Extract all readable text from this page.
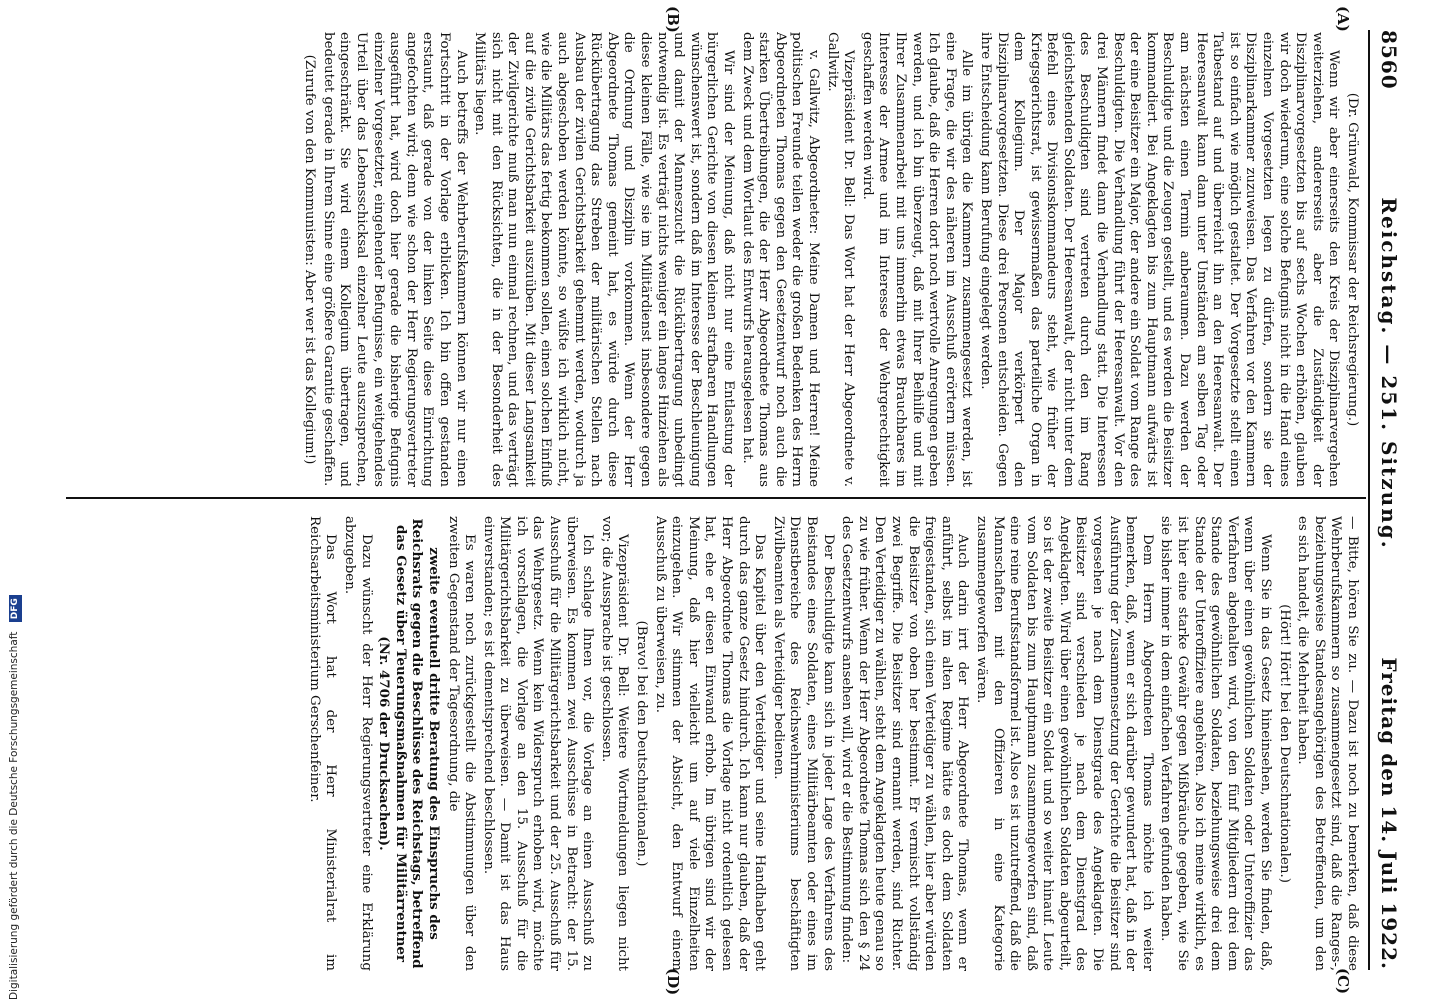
8560
Reichstag. — 251. Sitzung.
Freitag den 14. Juli 1922.
(A)
(B)
(C)
(D)

(Dr. Grünwald, Kommissar der Reichsregierung.)

Wenn wir aber einerseits den Kreis der Disziplinarvergehen weiterziehen, andererseits aber die Zuständigkeit der Disziplinarvorgesetzten bis auf sechs Wochen erhöhen, glauben wir doch wiederum, eine solche Befugnis nicht in die Hand eines einzelnen Vorgesetzten legen zu dürfen, sondern sie der Disziplinarkammer zuzuweisen. Das Verfahren vor den Kammern ist so einfach wie möglich gestaltet. Der Vorgesetzte stellt einen Tatbestand auf und überreicht ihn an den Heeresanwalt. Der Heeresanwalt kann dann unter Umständen am selben Tag oder am nächsten einen Termin anberaumen. Dazu werden der Beschuldigte und die Zeugen gestellt, und es werden die Beisitzer kommandiert. Bei Angeklagten bis zum Hauptmann aufwärts ist der eine Beisitzer ein Major, der andere ein Soldat vom Range des Beschuldigten. Die Verhandlung führt der Heeresanwalt. Vor den drei Männern findet dann die Verhandlung statt. Die Interessen des Beschuldigten sind vertreten durch den im Rang gleichstehenden Soldaten. Der Heeresanwalt, der nicht unter dem Befehl eines Divisionskommandeurs steht, wie früher der Kriegsgerichtsrat, ist gewissermaßen das parteiliche Organ in dem Kollegium. Der Major verkörpert den Disziplinarvorgesetzten. Diese drei Personen entscheiden. Gegen ihre Entscheidung kann Berufung eingelegt werden.

Alle im übrigen die Kammern zusammengesetzt werden, ist eine Frage, die wir des näheren im Ausschuß erörtern müssen. Ich glaube, daß die Herren dort noch wertvolle Anregungen geben werden, und ich bin überzeugt, daß mit Ihrer Beihilfe und mit Ihrer Zusammenarbeit mit uns immerhin etwas Brauchbares im Interesse der Armee und im Interesse der Wehrgerechtigkeit geschaffen werden wird.

Vizepräsident Dr. Bell: Das Wort hat der Herr Abgeordnete v. Gallwitz.

v. Gallwitz, Abgeordneter: Meine Damen und Herren! Meine politischen Freunde teilen weder die großen Bedenken des Herrn Abgeordneten Thomas gegen den Gesetzentwurf noch auch die starken Übertreibungen, die der Herr Abgeordnete Thomas aus dem Zweck und dem Wortlaut des Entwurfs herausgelesen hat.

Wir sind der Meinung, daß nicht nur eine Entlastung der bürgerlichen Gerichte von diesen kleinen strafbaren Handlungen wünschenswert ist, sondern daß im Interesse der Beschleunigung und damit der Manneszucht die Rückübertragung unbedingt notwendig ist. Es verträgt nichts weniger ein langes Hinziehen als diese kleinen Fälle, wie sie im Militärdienst insbesondere gegen die Ordnung und Disziplin vorkommen. Wenn der Herr Abgeordnete Thomas gemeint hat, es würde durch diese Rückübertragung das Streben der militärischen Stellen nach Ausbau der zivilen Gerichtsbarkeit gehemmt werden, wodurch ja auch abgeschoben werden könnte, so wüßte ich wirklich nicht, wie die Militärs das fertig bekommen sollen, einen solchen Einfluß auf die zivile Gerichtsbarkeit auszuüben. Mit dieser Langsamkeit der Zivilgerichte muß man nun einmal rechnen, und das verträgt sich nicht mit den Rücksichten, die in der Besonderheit des Militärs liegen.

Auch betreffs der Wehrberufskammern können wir nur einen Fortschritt in der Vorlage erblicken. Ich bin offen gestanden erstaunt, daß gerade von der linken Seite diese Einrichtung angefochten wird; denn wie schon der Herr Regierungsvertreter ausgeführt hat, wird doch hier gerade die bisherige Befugnis einzelner Vorgesetzter, eingehender Befugnisse, ein weitgehendes Urteil über das Lebensschicksal einzelner Leute auszusprechen, eingeschränkt. Sie wird einem Kollegium übertragen, und bedeutet gerade in Ihrem Sinne eine größere Garantie geschaffen.

(Zurufe von den Kommunisten: Aber wer ist das Kollegium!)

— Bitte, hören Sie zu. — Dazu ist noch zu bemerken, daß diese Wehrberufskammern so zusammengesetzt sind, daß die Ranges-, beziehungsweise Standesangehörigen des Betreffenden, um den es sich handelt, die Mehrheit haben.

(Hört! Hört! bei den Deutschnationalen.)

Wenn Sie in das Gesetz hineinsehen, werden Sie finden, daß, wenn über einen gewöhnlichen Soldaten oder Unteroffizier das Verfahren abgehalten wird, von den fünf Mitgliedern drei dem Stande des gewöhnlichen Soldaten, beziehungsweise drei dem Stande der Unteroffiziere angehören. Also ich meine wirklich, es ist hier eine starke Gewähr gegen Mißbräuche gegeben, wie Sie sie bisher immer in dem einfachen Verfahren gefunden haben.

Dem Herrn Abgeordneten Thomas möchte ich weiter bemerken, daß, wenn er sich darüber gewundert hat, daß in der Ausführung der Zusammensetzung der Gerichte die Beisitzer sind vorgesehen je nach dem Dienstgrade des Angeklagten. Die Beisitzer sind verschieden je nach dem Dienstgrad des Angeklagten. Wird über einen gewöhnlichen Soldaten abgeurteilt, so ist der zweite Beisitzer ein Soldat und so weiter hinauf. Leute vom Soldaten bis zum Hauptmann zusammengeworfen sind, daß eine reine Berufsstandsformel ist. Also es ist unzutreffend, daß die Mannschaften mit den Offizieren in eine Kategorie zusammengeworfen wären.

Auch darin irrt der Herr Abgeordnete Thomas, wenn er anführt, selbst im alten Regime hätte es doch dem Soldaten freigestanden, sich einen Verteidiger zu wählen, hier aber würden die Beisitzer von oben her bestimmt. Er vermischt vollständig zwei Begriffe. Die Beisitzer sind ernannt werden, sind Richter. Den Verteidiger zu wählen, steht dem Angeklagten heute genau so zu wie früher. Wenn der Herr Abgeordnete Thomas sich den § 24 des Gesetzentwurfs ansehen will, wird er die Bestimmung finden:

Der Beschuldigte kann sich in jeder Lage des Verfahrens des Beistandes eines Soldaten, eines Militärbeamten oder eines im Dienstbereiche des Reichswehrministeriums beschäftigten Zivilbeamten als Verteidiger bedienen.

Das Kapitel über den Verteidiger und seine Handhaben geht durch das ganze Gesetz hindurch. Ich kann nur glauben, daß der Herr Abgeordnete Thomas die Vorlage nicht ordentlich gelesen hat, ehe er diesen Einwand erhob. Im übrigen sind wir der Meinung, daß hier vielleicht um auf viele Einzelheiten einzugehen. Wir stimmen der Absicht, den Entwurf einem Ausschuß zu überweisen, zu.

(Bravo! bei den Deutschnationalen.)

Vizepräsident Dr. Bell: Weitere Wortmeldungen liegen nicht vor; die Aussprache ist geschlossen.

Ich schlage Ihnen vor, die Vorlage an einen Ausschuß zu überweisen. Es kommen zwei Ausschüsse in Betracht: der 15. Ausschuß für die Militärgerichtsbarkeit und der 25. Ausschuß für das Wehrgesetz. Wenn kein Widerspruch erhoben wird, möchte ich vorschlagen, die Vorlage an den 15. Ausschuß für die Militärgerichtsbarkeit zu überweisen. — Damit ist das Haus einverstanden; es ist dementsprechend beschlossen.

Es waren noch zurückgestellt die Abstimmungen über den zweiten Gegenstand der Tagesordnung, die

zweite eventuell dritte Beratung des Einspruchs des Reichsrats gegen die Beschlüsse des Reichstags, betreffend das Gesetz über Teuerungsmaßnahmen für Militärrentner (Nr. 4706 der Drucksachen).

Dazu wünscht der Herr Regierungsvertreter eine Erklärung abzugeben.

Das Wort hat der Herr Ministerialrat im Reichsarbeitsministerium Gerschenfeiner.

Digitalisierung gefördert durch die Deutsche Forschungsgemeinschaft DFG
